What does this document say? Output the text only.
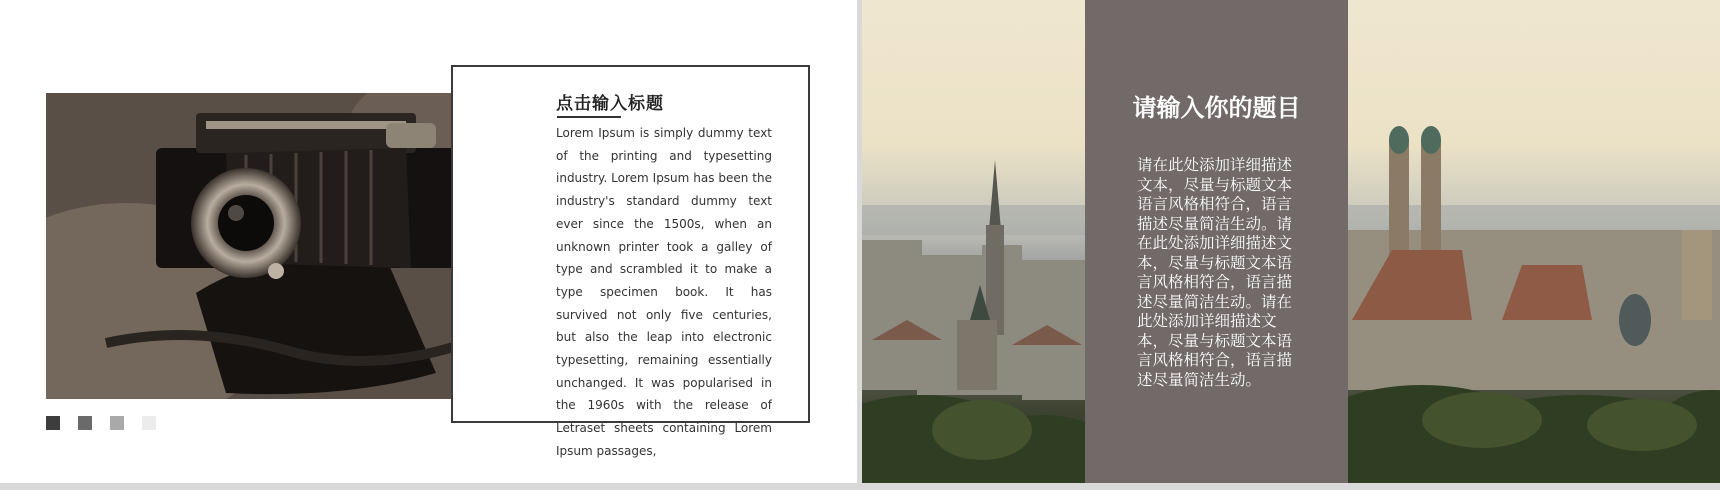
点击输入标题
Lorem Ipsum is simply dummy text of the printing and typesetting industry. Lorem Ipsum has been the industry's standard dummy text ever since the 1500s, when an unknown printer took a galley of type and scrambled it to make a type specimen book. It has survived not only five centuries, but also the leap into electronic typesetting, remaining essentially unchanged. It was popularised in the 1960s with the release of Letraset sheets containing Lorem Ipsum passages,
请输入你的题目
请在此处添加详细描述文本，尽量与标题文本语言风格相符合，语言描述尽量简洁生动。请在此处添加详细描述文本，尽量与标题文本语言风格相符合，语言描述尽量简洁生动。请在此处添加详细描述文本，尽量与标题文本语言风格相符合，语言描述尽量简洁生动。
